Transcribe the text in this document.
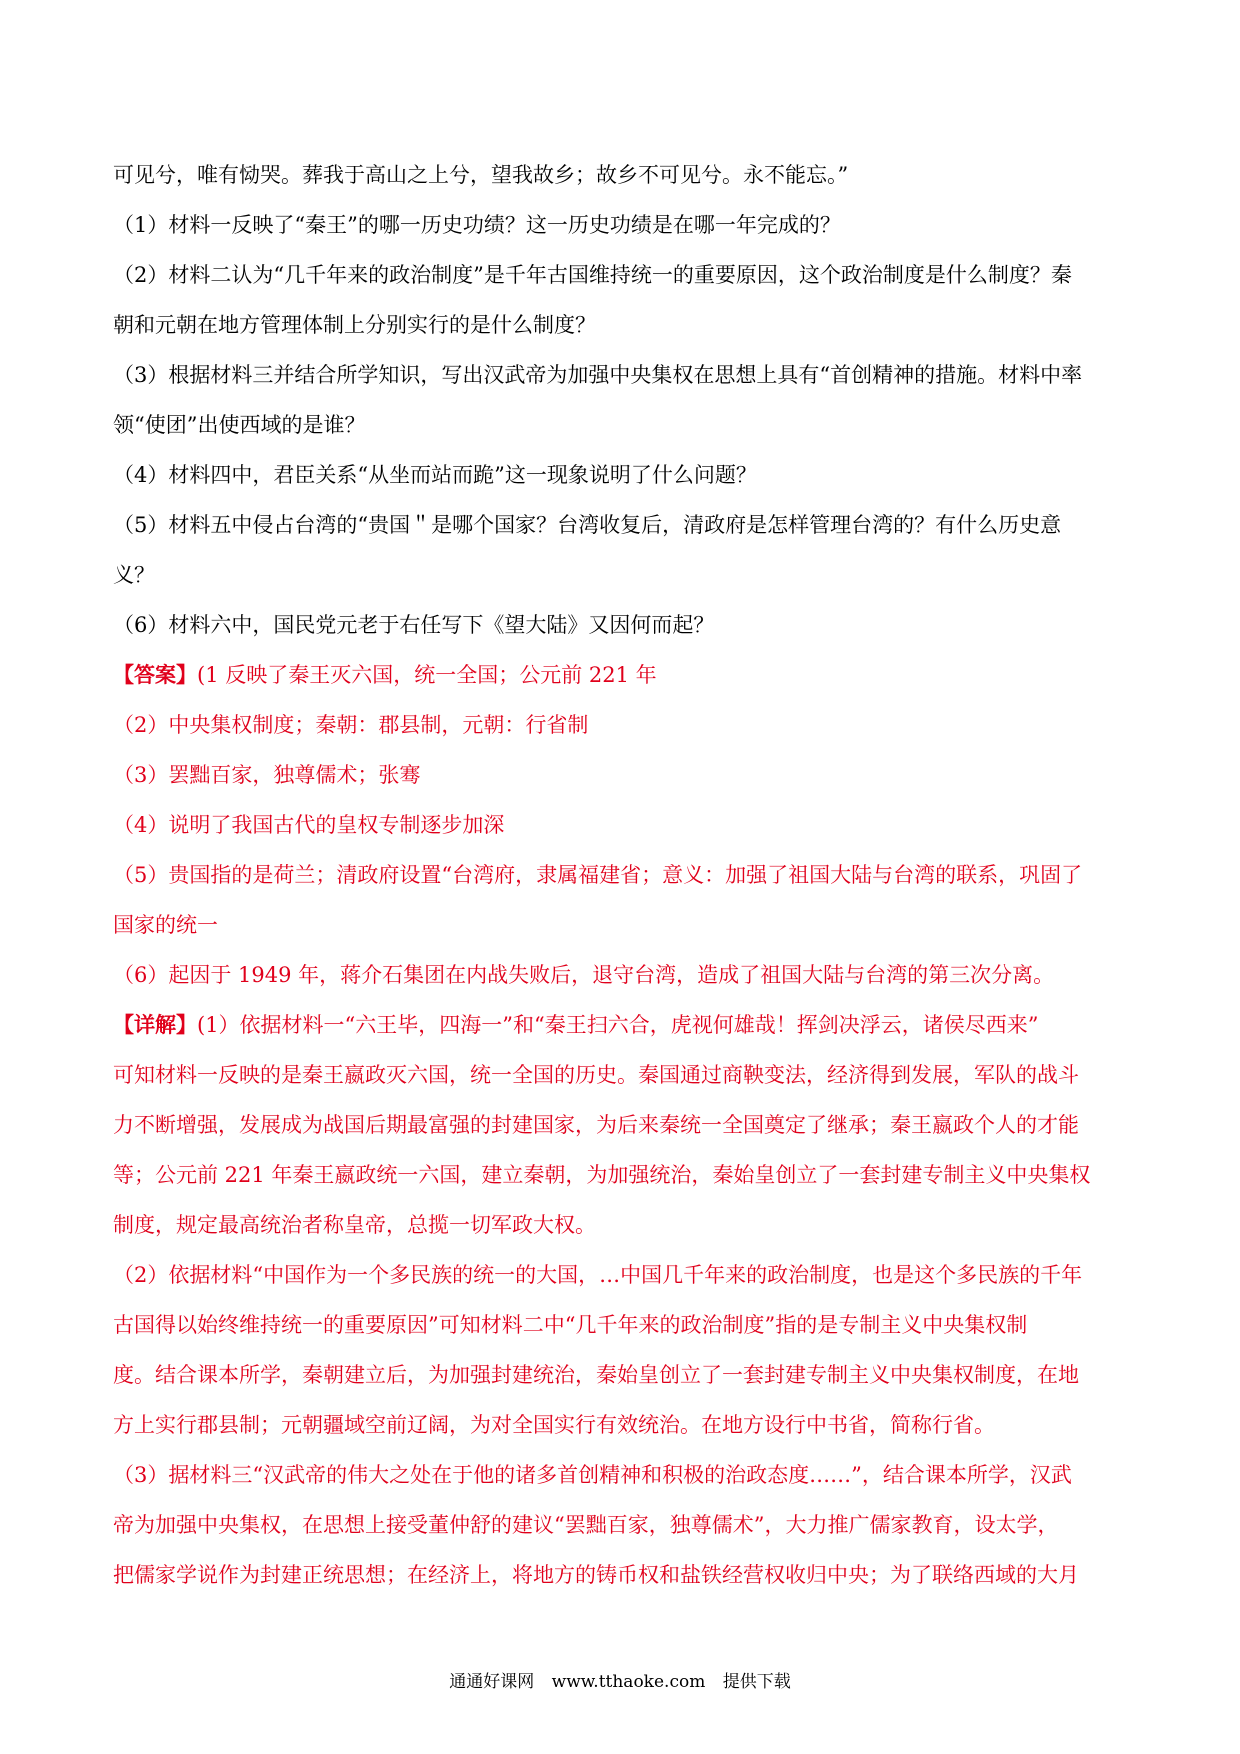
可见兮，唯有恸哭。葬我于高山之上兮，望我故乡；故乡不可见兮。永不能忘。”
（1）材料一反映了“秦王”的哪一历史功绩？这一历史功绩是在哪一年完成的？
（2）材料二认为“几千年来的政治制度”是千年古国维持统一的重要原因，这个政治制度是什么制度？秦
朝和元朝在地方管理体制上分别实行的是什么制度？
（3）根据材料三并结合所学知识，写出汉武帝为加强中央集权在思想上具有“首创精神的措施。材料中率
领“使团”出使西域的是谁？
（4）材料四中，君臣关系“从坐而站而跪”这一现象说明了什么问题？
（5）材料五中侵占台湾的“贵国＂是哪个国家？台湾收复后，清政府是怎样管理台湾的？有什么历史意
义？
（6）材料六中，国民党元老于右任写下《望大陆》又因何而起？
【答案】(1 反映了秦王灭六国，统一全国；公元前 221 年
（2）中央集权制度；秦朝：郡县制，元朝：行省制
（3）罢黜百家，独尊儒术；张骞
（4）说明了我国古代的皇权专制逐步加深
（5）贵国指的是荷兰；清政府设置“台湾府，隶属福建省；意义：加强了祖国大陆与台湾的联系，巩固了
国家的统一
（6）起因于 1949 年，蒋介石集团在内战失败后，退守台湾，造成了祖国大陆与台湾的第三次分离。
【详解】(1）依据材料一“六王毕，四海一”和“秦王扫六合，虎视何雄哉！挥剑决浮云，诸侯尽西来”
可知材料一反映的是秦王嬴政灭六国，统一全国的历史。秦国通过商鞅变法，经济得到发展，军队的战斗
力不断增强，发展成为战国后期最富强的封建国家，为后来秦统一全国奠定了继承；秦王嬴政个人的才能
等；公元前 221 年秦王嬴政统一六国，建立秦朝，为加强统治，秦始皇创立了一套封建专制主义中央集权
制度，规定最高统治者称皇帝，总揽一切军政大权。
（2）依据材料“中国作为一个多民族的统一的大国，…中国几千年来的政治制度，也是这个多民族的千年
古国得以始终维持统一的重要原因”可知材料二中“几千年来的政治制度”指的是专制主义中央集权制
度。结合课本所学，秦朝建立后，为加强封建统治，秦始皇创立了一套封建专制主义中央集权制度，在地
方上实行郡县制；元朝疆域空前辽阔，为对全国实行有效统治。在地方设行中书省，简称行省。
（3）据材料三“汉武帝的伟大之处在于他的诸多首创精神和积极的治政态度……”，结合课本所学，汉武
帝为加强中央集权，在思想上接受董仲舒的建议“罢黜百家，独尊儒术”，大力推广儒家教育，设太学，
把儒家学说作为封建正统思想；在经济上，将地方的铸币权和盐铁经营权收归中央；为了联络西域的大月
通通好课网 www.tthaoke.com 提供下载
